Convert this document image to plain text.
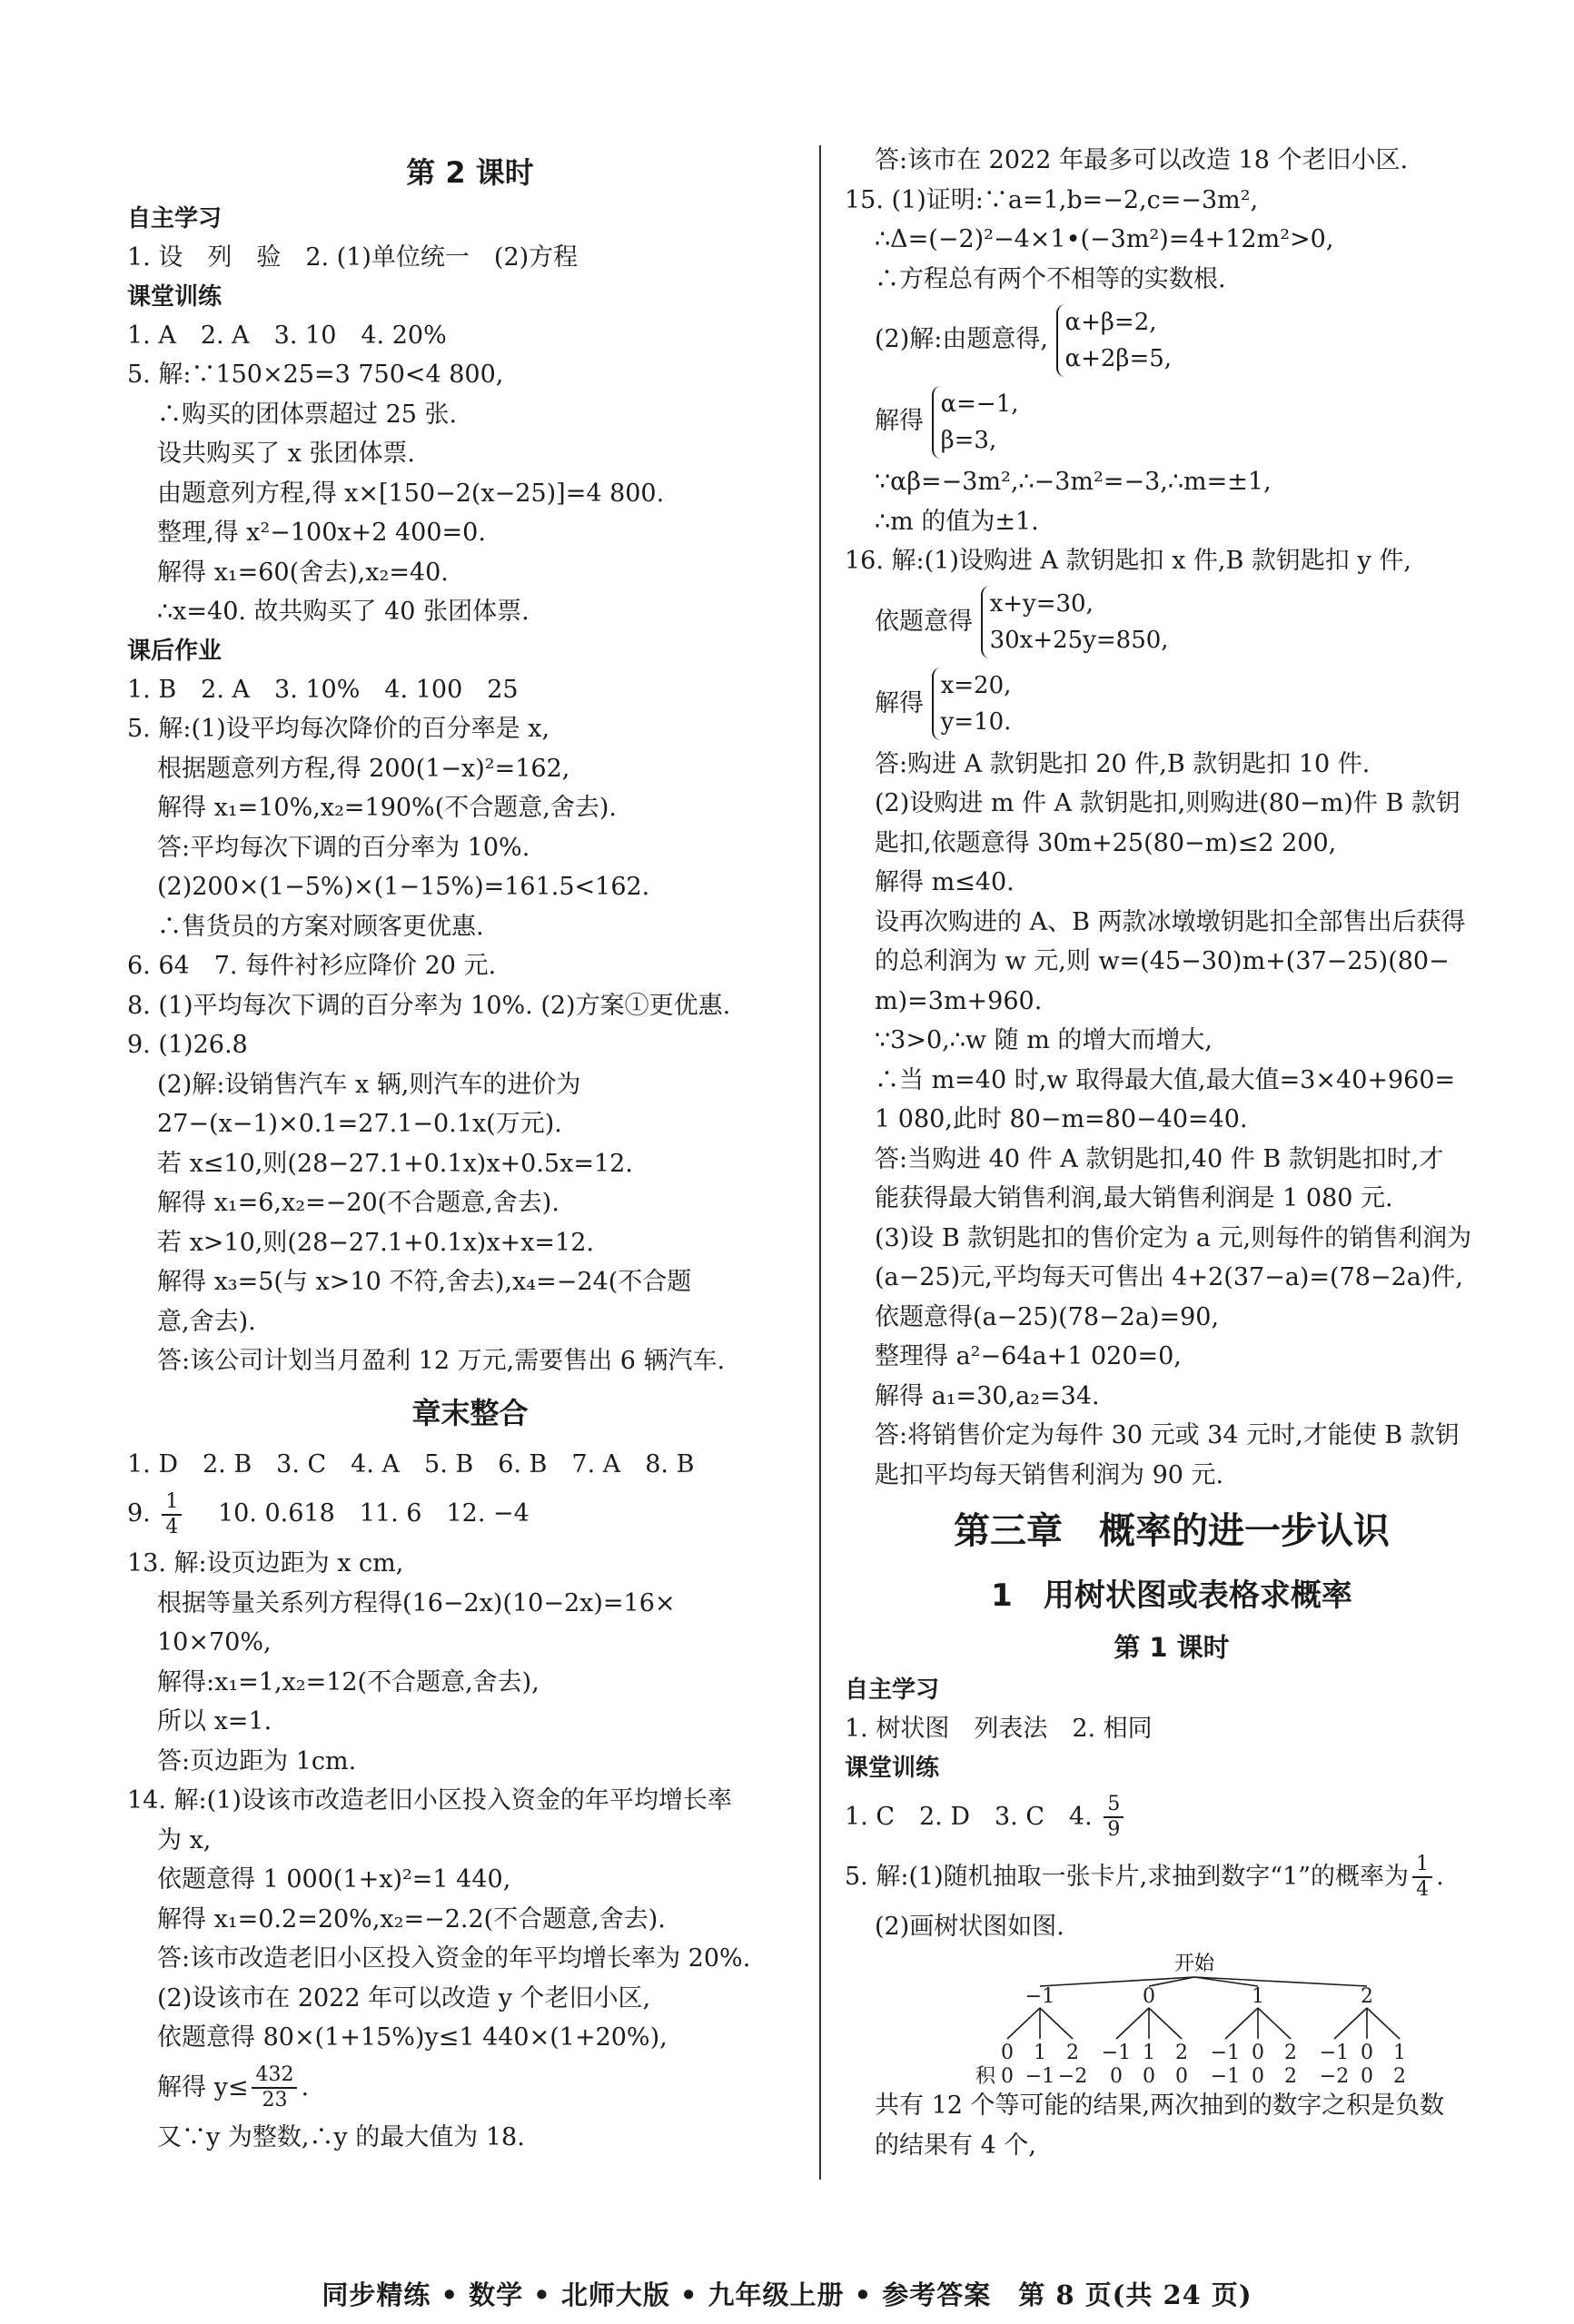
第 2 课时
自主学习

1. 设　列　验　2. (1)单位统一　(2)方程

课堂训练

1. A　2. A　3. 10　4. 20%

5. 解:∵150×25=3 750<4 800,

∴购买的团体票超过 25 张.

设共购买了 x 张团体票.

由题意列方程,得 x×[150−2(x−25)]=4 800.

整理,得 x²−100x+2 400=0.

解得 x₁=60(舍去),x₂=40.

∴x=40. 故共购买了 40 张团体票.

课后作业

1. B　2. A　3. 10%　4. 100　25

5. 解:(1)设平均每次降价的百分率是 x,

根据题意列方程,得 200(1−x)²=162,

解得 x₁=10%,x₂=190%(不合题意,舍去).

答:平均每次下调的百分率为 10%.

(2)200×(1−5%)×(1−15%)=161.5<162.

∴售货员的方案对顾客更优惠.

6. 64　7. 每件衬衫应降价 20 元.

8. (1)平均每次下调的百分率为 10%. (2)方案①更优惠.

9. (1)26.8

(2)解:设销售汽车 x 辆,则汽车的进价为

27−(x−1)×0.1=27.1−0.1x(万元).

若 x≤10,则(28−27.1+0.1x)x+0.5x=12.

解得 x₁=6,x₂=−20(不合题意,舍去).

若 x>10,则(28−27.1+0.1x)x+x=12.

解得 x₃=5(与 x>10 不符,舍去),x₄=−24(不合题

意,舍去).

答:该公司计划当月盈利 12 万元,需要售出 6 辆汽车.

章末整合

1. D　2. B　3. C　4. A　5. B　6. B　7. A　8. B

9. $\frac{1}{4}$ 　10. 0.618　11. 6　12. −4

13. 解:设页边距为 x cm,

根据等量关系列方程得(16−2x)(10−2x)=16×

10×70%,

解得:x₁=1,x₂=12(不合题意,舍去),

所以 x=1.

答:页边距为 1cm.

14. 解:(1)设该市改造老旧小区投入资金的年平均增长率

为 x,

依题意得 1 000(1+x)²=1 440,

解得 x₁=0.2=20%,x₂=−2.2(不合题意,舍去).

答:该市改造老旧小区投入资金的年平均增长率为 20%.

(2)设该市在 2022 年可以改造 y 个老旧小区,

依题意得 80×(1+15%)y≤1 440×(1+20%),

解得 $y\le \frac{432}{23}$ .

又∵y 为整数,∴y 的最大值为 18.

答:该市在 2022 年最多可以改造 18 个老旧小区.

15. (1)证明:∵a=1,b=−2,c=−3m²,

∴Δ=(−2)²−4×1•(−3m²)=4+12m²>0,

∴方程总有两个不相等的实数根.

(2)解:由题意得,
α+β=2,
α+2β=5,

解得
α=−1,
β=3,

∵αβ=−3m²,∴−3m²=−3,∴m=±1,

∴m 的值为±1.

16. 解:(1)设购进 A 款钥匙扣 x 件,B 款钥匙扣 y 件,

依题意得
x+y=30,
30x+25y=850,

解得
x=20,
y=10.

答:购进 A 款钥匙扣 20 件,B 款钥匙扣 10 件.

(2)设购进 m 件 A 款钥匙扣,则购进(80−m)件 B 款钥

匙扣,依题意得 30m+25(80−m)≤2 200,

解得 m≤40.

设再次购进的 A、B 两款冰墩墩钥匙扣全部售出后获得

的总利润为 w 元,则 w=(45−30)m+(37−25)(80−

m)=3m+960.

∵3>0,∴w 随 m 的增大而增大,

∴当 m=40 时,w 取得最大值,最大值=3×40+960=

1 080,此时 80−m=80−40=40.

答:当购进 40 件 A 款钥匙扣,40 件 B 款钥匙扣时,才

能获得最大销售利润,最大销售利润是 1 080 元.

(3)设 B 款钥匙扣的售价定为 a 元,则每件的销售利润为

(a−25)元,平均每天可售出 4+2(37−a)=(78−2a)件,

依题意得(a−25)(78−2a)=90,

整理得 a²−64a+1 020=0,

解得 a₁=30,a₂=34.

答:将销售价定为每件 30 元或 34 元时,才能使 B 款钥

匙扣平均每天销售利润为 90 元.

第三章　概率的进一步认识
1　用树状图或表格求概率
第 1 课时
自主学习

1. 树状图　列表法　2. 相同

课堂训练

1. C　2. D　3. C　4. $\frac{5}{9}$

5. 解:(1)随机抽取一张卡片,求抽到数字“1”的概率为 $\frac{1}{4}$ .

(2)画树状图如图.

开始
−1
0
0
1
−1
2
−2
0
−1
0
1
0
2
0
1
−1
−1
0
0
2
2
2
−1
−2
0
0
1
2
积

共有 12 个等可能的结果,两次抽到的数字之积是负数

的结果有 4 个,

同步精练 • 数学 • 北师大版 • 九年级上册 • 参考答案　第 8 页(共 24 页)
